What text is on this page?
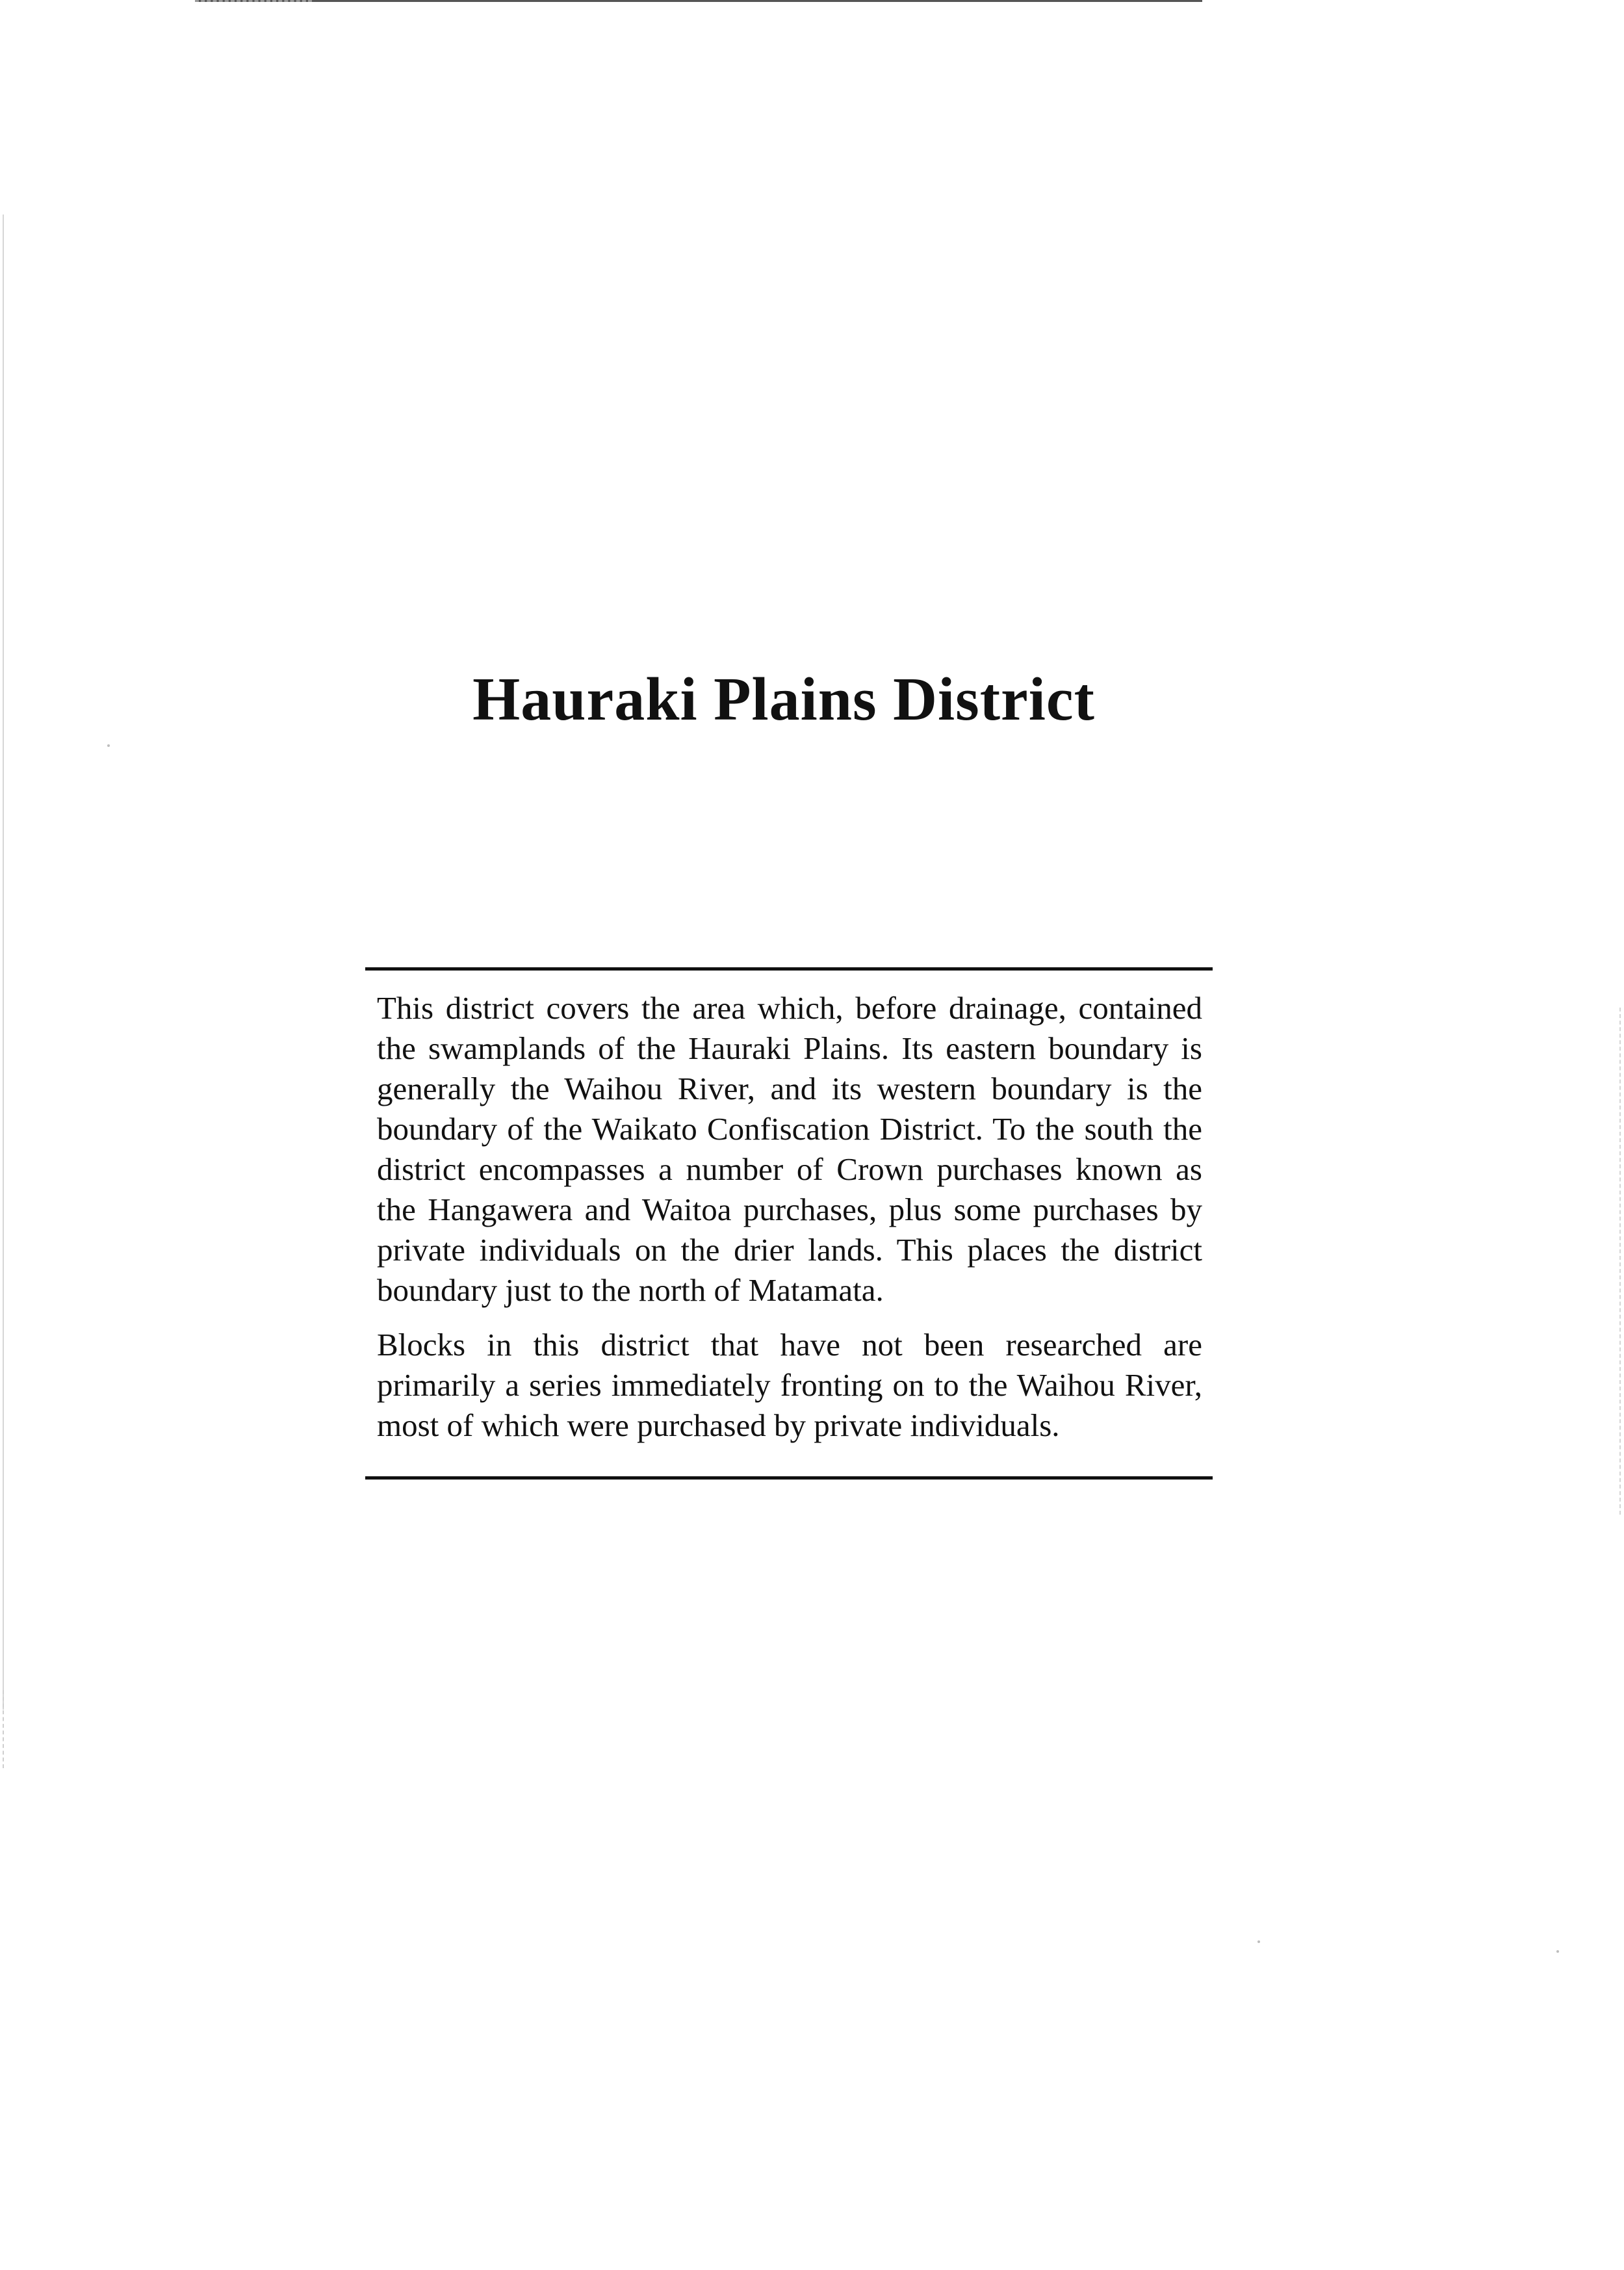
Hauraki Plains District

This district covers the area which, before drainage, contained the swamplands of the Hauraki Plains. Its eastern boundary is generally the Waihou River, and its western boundary is the boundary of the Waikato Confiscation District. To the south the district encompasses a number of Crown purchases known as the Hangawera and Waitoa purchases, plus some purchases by private individuals on the drier lands. This places the district boundary just to the north of Matamata.

Blocks in this district that have not been researched are primarily a series immediately fronting on to the Waihou River, most of which were purchased by private individuals.
